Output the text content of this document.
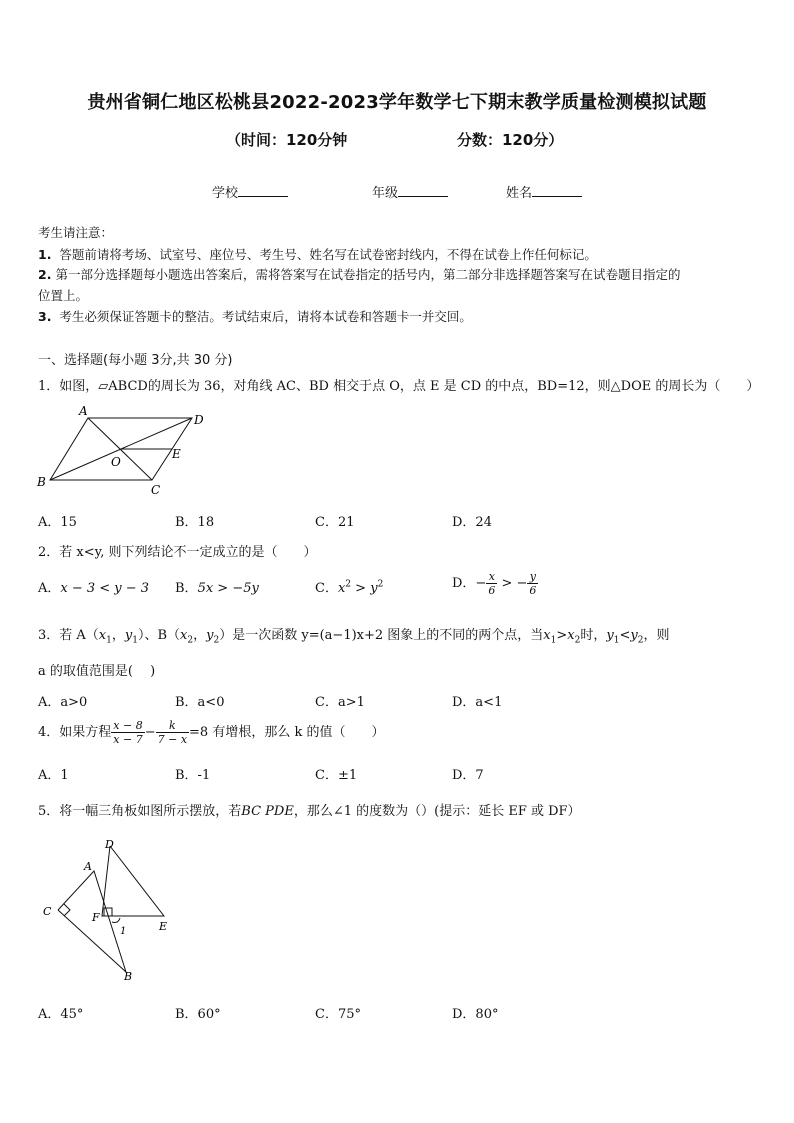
贵州省铜仁地区松桃县2022-2023学年数学七下期末教学质量检测模拟试题
（时间：120分钟	分数：120分）
学校	年级	姓名
考生请注意：
1. 答题前请将考场、试室号、座位号、考生号、姓名写在试卷密封线内，不得在试卷上作任何标记。
2. 第一部分选择题每小题选出答案后，需将答案写在试卷指定的括号内，第二部分非选择题答案写在试卷题目指定的
位置上。
3. 考生必须保证答题卡的整洁。考试结束后，请将本试卷和答题卡一并交回。
一、选择题(每小题 3分,共 30 分)
1．如图，▱ABCD的周长为 36，对角线 AC、BD 相交于点 O，点 E 是 CD 的中点，BD=12，则△DOE 的周长为（　　）
A
D
O
E
B
C
A．15	B．18	C．21	D．24
2．若 x<y, 则下列结论不一定成立的是（　　）
A．x − 3 < y − 3 B．5x > −5y	C．$x^2 > y^2$	D．− $\frac{x}{6}$ > − $\frac{y}{6}$
3．若 $A(x_1$，$y_1$）、$B(x_2$，$y_2$）是一次函数 y=(a−1)x+2 图象上的不同的两个点，当$x_1>x_2$时，$y_1<y_2$，则
a 的取值范围是(　 )
A．a>0	B．a<0	C．a>1	D．a<1
4．如果方程 $\frac{x - 8}{x - 7} - \frac{k}{7 - x} =8$ 有增根，那么 k 的值（　　）
A．1	B．-1	C．±1	D．7
5．将一幅三角板如图所示摆放，若BC PDE，那么∠1 的度数为（）(提示：延长 EF 或 DF）
D
A
C	F
1	E
B
A．45°	B．60°	C．75°	D．80°
